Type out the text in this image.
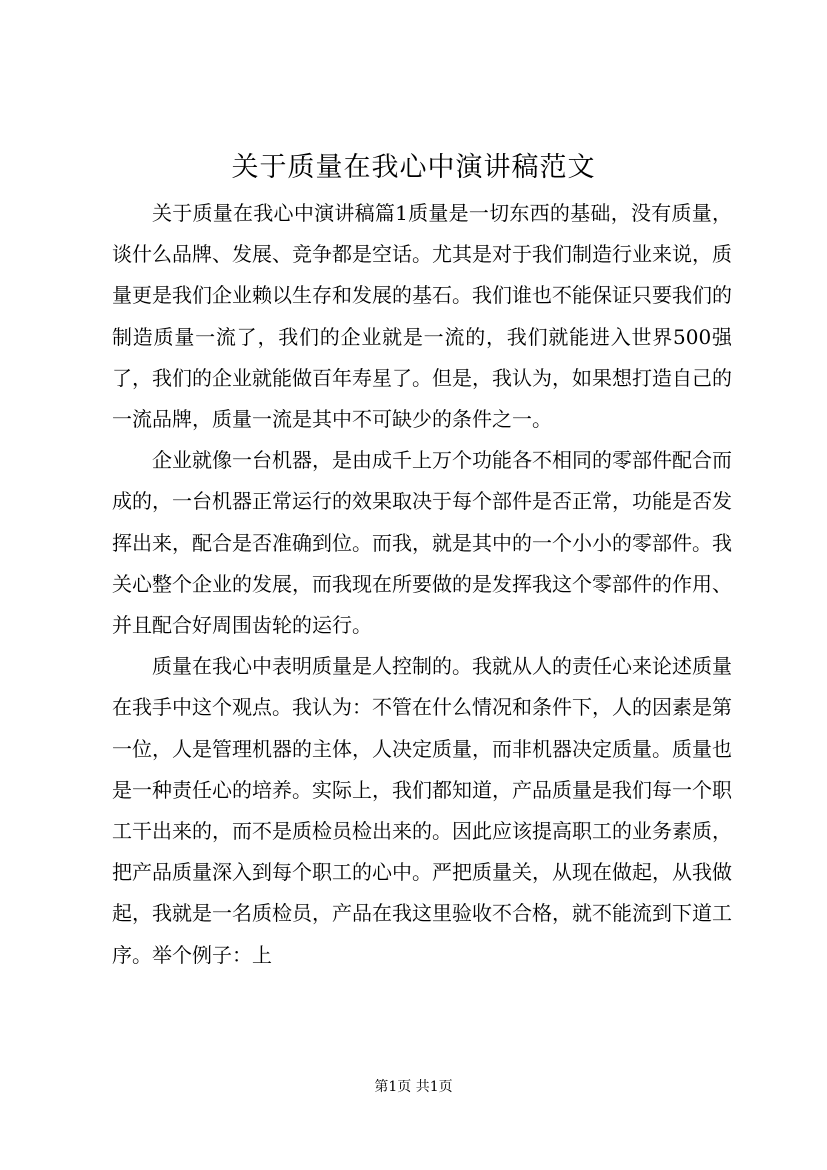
关于质量在我心中演讲稿范文

关于质量在我心中演讲稿篇1质量是一切东西的基础，没有质量，谈什么品牌、发展、竞争都是空话。尤其是对于我们制造行业来说，质量更是我们企业赖以生存和发展的基石。我们谁也不能保证只要我们的制造质量一流了，我们的企业就是一流的，我们就能进入世界500强了，我们的企业就能做百年寿星了。但是，我认为，如果想打造自己的一流品牌，质量一流是其中不可缺少的条件之一。

企业就像一台机器，是由成千上万个功能各不相同的零部件配合而成的，一台机器正常运行的效果取决于每个部件是否正常，功能是否发挥出来，配合是否准确到位。而我，就是其中的一个小小的零部件。我关心整个企业的发展，而我现在所要做的是发挥我这个零部件的作用、并且配合好周围齿轮的运行。

质量在我心中表明质量是人控制的。我就从人的责任心来论述质量在我手中这个观点。我认为：不管在什么情况和条件下，人的因素是第一位，人是管理机器的主体，人决定质量，而非机器决定质量。质量也是一种责任心的培养。实际上，我们都知道，产品质量是我们每一个职工干出来的，而不是质检员检出来的。因此应该提高职工的业务素质，把产品质量深入到每个职工的心中。严把质量关，从现在做起，从我做起，我就是一名质检员，产品在我这里验收不合格，就不能流到下道工序。举个例子：上

第1页 共1页
